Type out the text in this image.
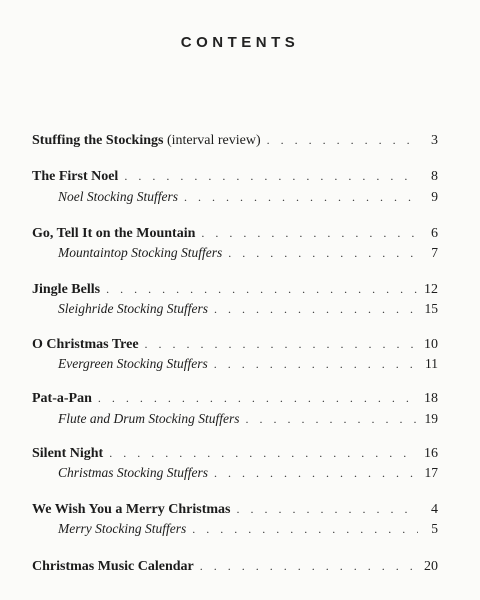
CONTENTS
Stuffing the Stockings (interval review) . . .	3
The First Noel . . .	8
Noel Stocking Stuffers . . .	9
Go, Tell It on the Mountain . . .	6
Mountaintop Stocking Stuffers . . .	7
Jingle Bells . . .	12
Sleighride Stocking Stuffers . . .	15
O Christmas Tree . . .	10
Evergreen Stocking Stuffers . . .	11
Pat-a-Pan . . .	18
Flute and Drum Stocking Stuffers . . .	19
Silent Night . . .	16
Christmas Stocking Stuffers . . .	17
We Wish You a Merry Christmas . . .	4
Merry Stocking Stuffers . . .	5
Christmas Music Calendar . . .	20
